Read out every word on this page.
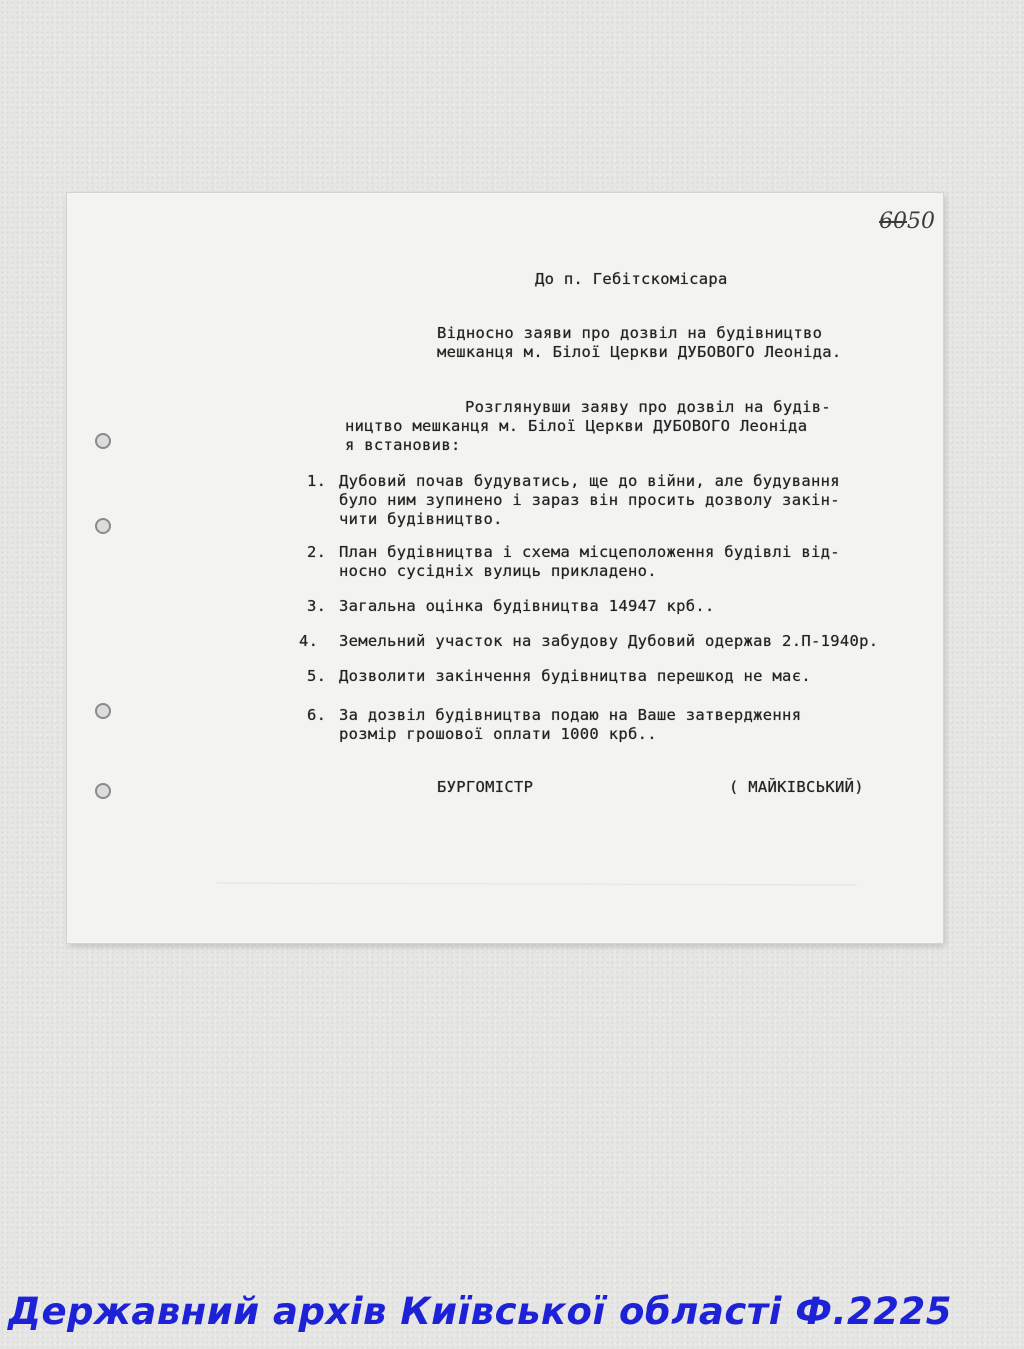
6050
До п. Гебітскомісара
Відносно заяви про дозвіл на будівництво
мешканця м. Білої Церкви ДУБОВОГО Леоніда.
Розглянувши заяву про дозвіл на будів-
ництво мешканця м. Білої Церкви ДУБОВОГО Леоніда
я встановив:
1. Дубовий почав будуватись, ще до війни, але будування
було ним зупинено і зараз він просить дозволу закін-
чити будівництво.
2. План будівництва і схема місцеположення будівлі від-
носно сусідніх вулиць прикладено.
3. Загальна оцінка будівництва 14947 крб..
4. Земельний участок на забудову Дубовий одержав 2.П-1940р.
5. Дозволити закінчення будівництва перешкод не має.
6. За дозвіл будівництва подаю на Ваше затвердження
розмір грошової оплати 1000 крб..
БУРГОМІСТР	( МАЙКІВСЬКИЙ)
Державний архів Київської області Ф.2225
